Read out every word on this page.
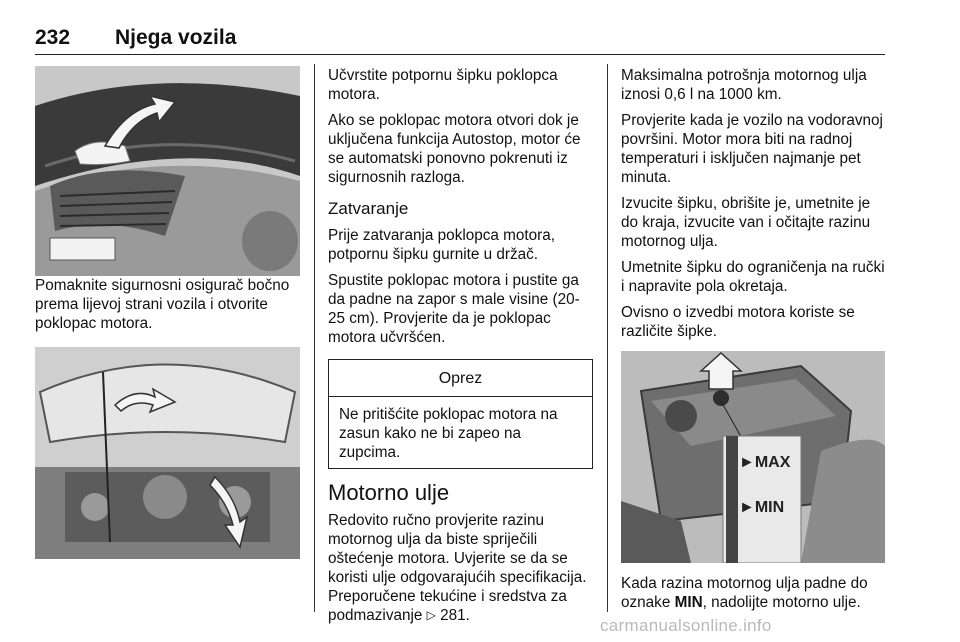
232 Njega vozila

Pomaknite sigurnosni osigurač bočno prema lijevoj strani vozila i otvorite poklopac motora.

Učvrstite potpornu šipku poklopca motora.

Ako se poklopac motora otvori dok je uključena funkcija Autostop, motor će se automatski ponovno pokrenuti iz sigurnosnih razloga.

Zatvaranje

Prije zatvaranja poklopca motora, potpornu šipku gurnite u držač.

Spustite poklopac motora i pustite ga da padne na zapor s male visine (20-25 cm). Provjerite da je poklopac motora učvršćen.

Oprez
Ne pritišćite poklopac motora na zasun kako ne bi zapeo na zupcima.
Motorno ulje

Redovito ručno provjerite razinu motornog ulja da biste spriječili oštećenje motora. Uvjerite se da se koristi ulje odgovarajućih specifikacija. Preporučene tekućine i sredstva za podmazivanje ▷ 281.

Maksimalna potrošnja motornog ulja iznosi 0,6 l na 1000 km.

Provjerite kada je vozilo na vodoravnoj površini. Motor mora biti na radnoj temperaturi i isključen najmanje pet minuta.

Izvucite šipku, obrišite je, umetnite je do kraja, izvucite van i očitajte razinu motornog ulja.

Umetnite šipku do ograničenja na ručki i napravite pola okretaja.

Ovisno o izvedbi motora koriste se različite šipke.

►MAX
►MIN

Kada razina motornog ulja padne do oznake MIN, nadolijte motorno ulje.

carmanualsonline.info
